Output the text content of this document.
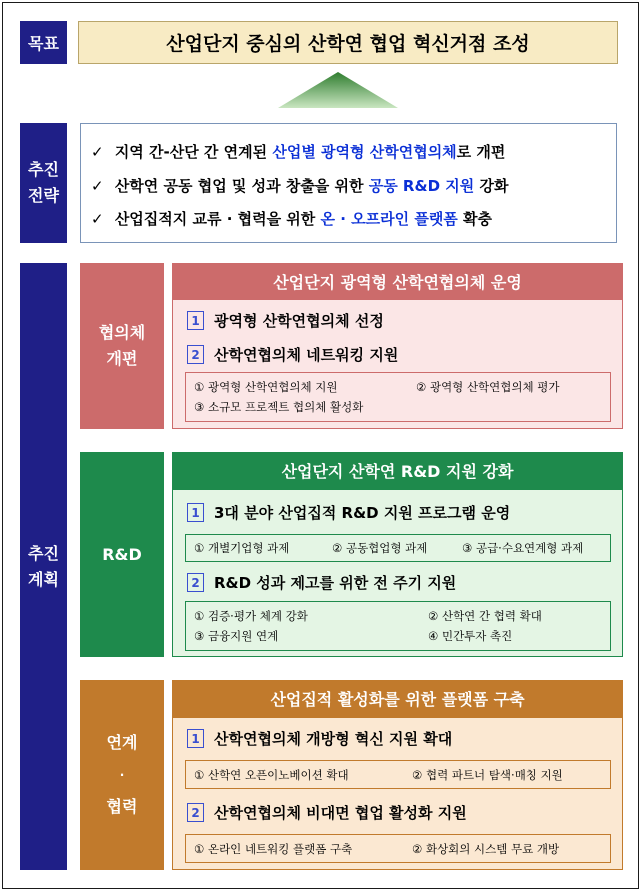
목표	산업단지 중심의 산학연 협업 혁신거점 조성
추진
전략
✓ 지역 간-산단 간 연계된 산업별 광역형 산학연협의체로 개편
✓ 산학연 공동 협업 및 성과 창출을 위한 공동 R&D 지원 강화
✓ 산업집적지 교류 · 협력을 위한 온 · 오프라인 플랫폼 확충
추진
계획
협의체
개편
산업단지 광역형 산학연협의체 운영
1 광역형 산학연협의체 선정
2 산학연협의체 네트워킹 지원
① 광역형 산학연협의체 지원	② 광역형 산학연협의체 평가
③ 소규모 프로젝트 협의체 활성화
R&D
산업단지 산학연 R&D 지원 강화
1 3대 분야 산업집적 R&D 지원 프로그램 운영
① 개별기업형 과제	② 공동협업형 과제	③ 공급·수요연계형 과제
2 R&D 성과 제고를 위한 전 주기 지원
① 검증·평가 체계 강화	② 산학연 간 협력 확대
③ 금융지원 연계	④ 민간투자 촉진
연계
·
협력
산업집적 활성화를 위한 플랫폼 구축
1 산학연협의체 개방형 혁신 지원 확대
① 산학연 오픈이노베이션 확대	② 협력 파트너 탐색·매칭 지원
2 산학연협의체 비대면 협업 활성화 지원
① 온라인 네트워킹 플랫폼 구축	② 화상회의 시스템 무료 개방
